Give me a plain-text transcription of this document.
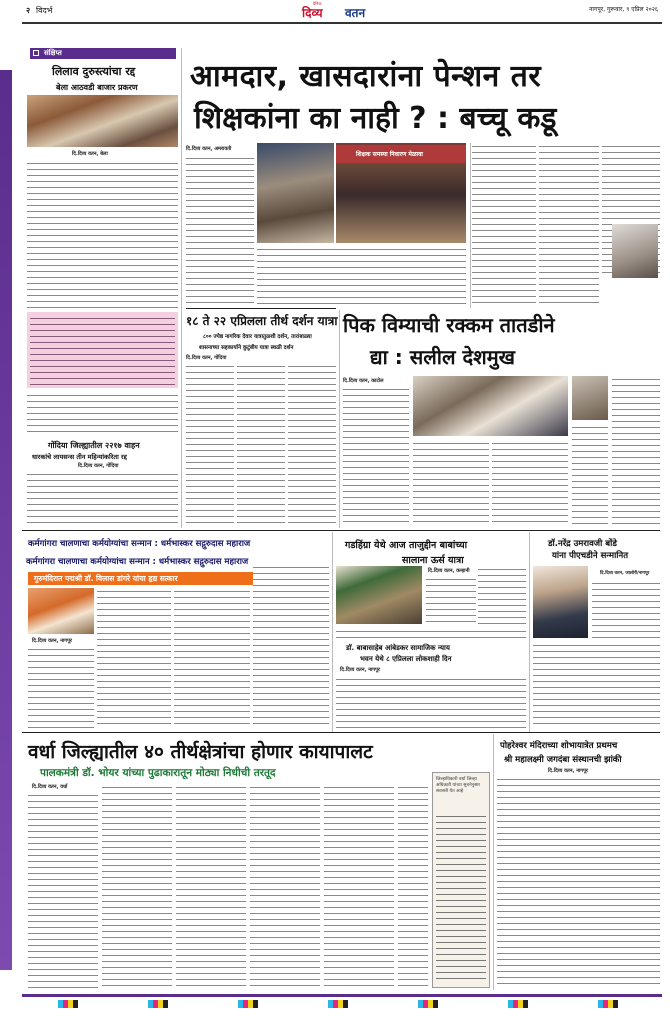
२ विदर्भ
दैनिक
दिव्य वतन	नागपूर, गुरूवार, ९ एप्रिल २०२६
संक्षिप्त
लिलाव दुरुस्त्यांचा रद्द
बेला आठवडी बाजार प्रकरण
दि.दिव्य वतन, बेला
गोंदिया जिल्ह्यातील २२१७ वाहन
धारकांचे लायसन्स तीन महिन्यांकरिता रद्द
दि.दिव्य वतन, गोंदिया
आमदार, खासदारांना पेन्शन तर
शिक्षकांना का नाही ? : बच्चू कडू
दि.दिव्य वतन, अमरावती
शिक्षक समस्या निवारण मेळावा
१८ ते २२ एप्रिलला तीर्थ दर्शन यात्रा
८०० ज्येष्ठ नागरिक देवार यात्रातुळशी दर्शन, तारांबाळ्या
शासनाच्या सहकार्याने कुटुंबीय यात्रा स्थळी दर्शन
दि.दिव्य वतन, गोंदिया
पिक विम्याची रक्कम तातडीने
द्या : सलील देशमुख
दि.दिव्य वतन, काटोल
कर्मगांगरा चालणाचा कर्मयोग्यांचा सन्मान : धर्मभास्कर सद्गुरुदास महाराज
कर्मगांगरा चालणाचा कर्मयोग्यांचा सन्मान : धर्मभास्कर सद्गुरुदास महाराज
गुरुमंदिरात पद्मश्री डॉ. विलास डांगरे यांचा हृद्य सत्कार
दि.दिव्य वतन, नागपूर
गडहिंग्रा येथे आज ताजुद्दीन बाबांच्या
सालाना ऊर्स यात्रा
दि.दिव्य वतन, कन्हानी
डॉ. बाबासाहेब आंबेडकर सामाजिक न्याय
भवन येथे ८ एप्रिलला लोकशाही दिन
दि.दिव्य वतन, नागपूर
डॉ.नरेंद्र उमरावजी बोंडे
यांना पीएचडीने सन्मानित
दि.दिव्य वतन, जालोरी/नागपूर
वर्धा जिल्ह्यातील ४० तीर्थक्षेत्रांचा होणार कायापालट
पालकमंत्री डॉ. भोयर यांच्या पुढाकारातून मोठ्या निधीची तरतूद
दि.दिव्य वतन, वर्धा
जिल्हाधिकारी वर्धा जिल्हा अधिकारी यांच्या सूचनेनुसार सरासरी येत आहे
पोहरेश्वर मंदिराच्या शोभायात्रेत प्रथमच
श्री महालक्ष्मी जगदंबा संस्थानची झांकी
दि.दिव्य वतन, नागपूर
